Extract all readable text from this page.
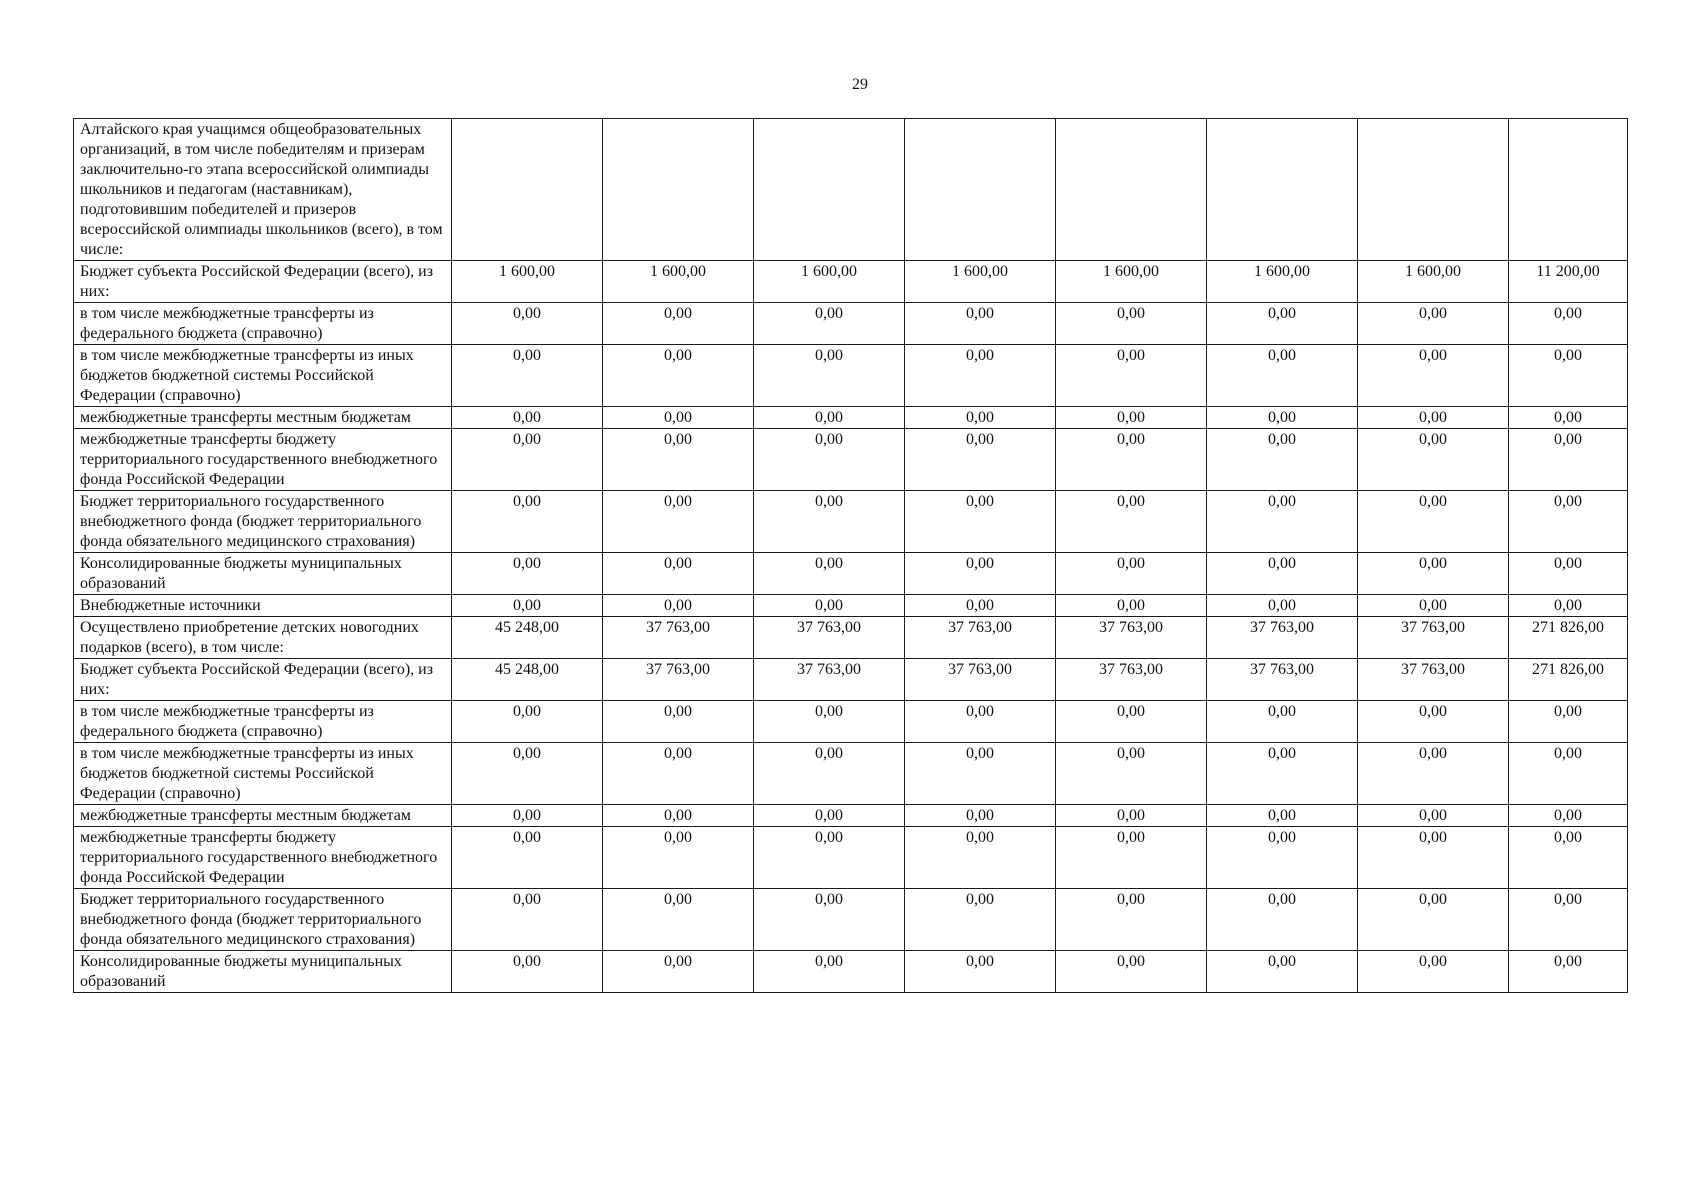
29
Алтайского края учащимся общеобразовательных организаций, в том числе победителям и призерам заключительно-го этапа всероссийской олимпиады школьников и педагогам (наставникам), подготовившим победителей и призеров всероссийской олимпиады школьников (всего), в том числе:								
Бюджет субъекта Российской Федерации (всего), из них:	1 600,00	1 600,00	1 600,00	1 600,00	1 600,00	1 600,00	1 600,00	11 200,00
в том числе межбюджетные трансферты из федерального бюджета (справочно)	0,00	0,00	0,00	0,00	0,00	0,00	0,00	0,00
в том числе межбюджетные трансферты из иных бюджетов бюджетной системы Российской Федерации (справочно)	0,00	0,00	0,00	0,00	0,00	0,00	0,00	0,00
межбюджетные трансферты местным бюджетам	0,00	0,00	0,00	0,00	0,00	0,00	0,00	0,00
межбюджетные трансферты бюджету территориального государственного внебюджетного фонда Российской Федерации	0,00	0,00	0,00	0,00	0,00	0,00	0,00	0,00
Бюджет территориального государственного внебюджетного фонда (бюджет территориального фонда обязательного медицинского страхования)	0,00	0,00	0,00	0,00	0,00	0,00	0,00	0,00
Консолидированные бюджеты муниципальных образований	0,00	0,00	0,00	0,00	0,00	0,00	0,00	0,00
Внебюджетные источники	0,00	0,00	0,00	0,00	0,00	0,00	0,00	0,00
Осуществлено приобретение детских новогодних подарков (всего), в том числе:	45 248,00	37 763,00	37 763,00	37 763,00	37 763,00	37 763,00	37 763,00	271 826,00
Бюджет субъекта Российской Федерации (всего), из них:	45 248,00	37 763,00	37 763,00	37 763,00	37 763,00	37 763,00	37 763,00	271 826,00
в том числе межбюджетные трансферты из федерального бюджета (справочно)	0,00	0,00	0,00	0,00	0,00	0,00	0,00	0,00
в том числе межбюджетные трансферты из иных бюджетов бюджетной системы Российской Федерации (справочно)	0,00	0,00	0,00	0,00	0,00	0,00	0,00	0,00
межбюджетные трансферты местным бюджетам	0,00	0,00	0,00	0,00	0,00	0,00	0,00	0,00
межбюджетные трансферты бюджету территориального государственного внебюджетного фонда Российской Федерации	0,00	0,00	0,00	0,00	0,00	0,00	0,00	0,00
Бюджет территориального государственного внебюджетного фонда (бюджет территориального фонда обязательного медицинского страхования)	0,00	0,00	0,00	0,00	0,00	0,00	0,00	0,00
Консолидированные бюджеты муниципальных образований	0,00	0,00	0,00	0,00	0,00	0,00	0,00	0,00
